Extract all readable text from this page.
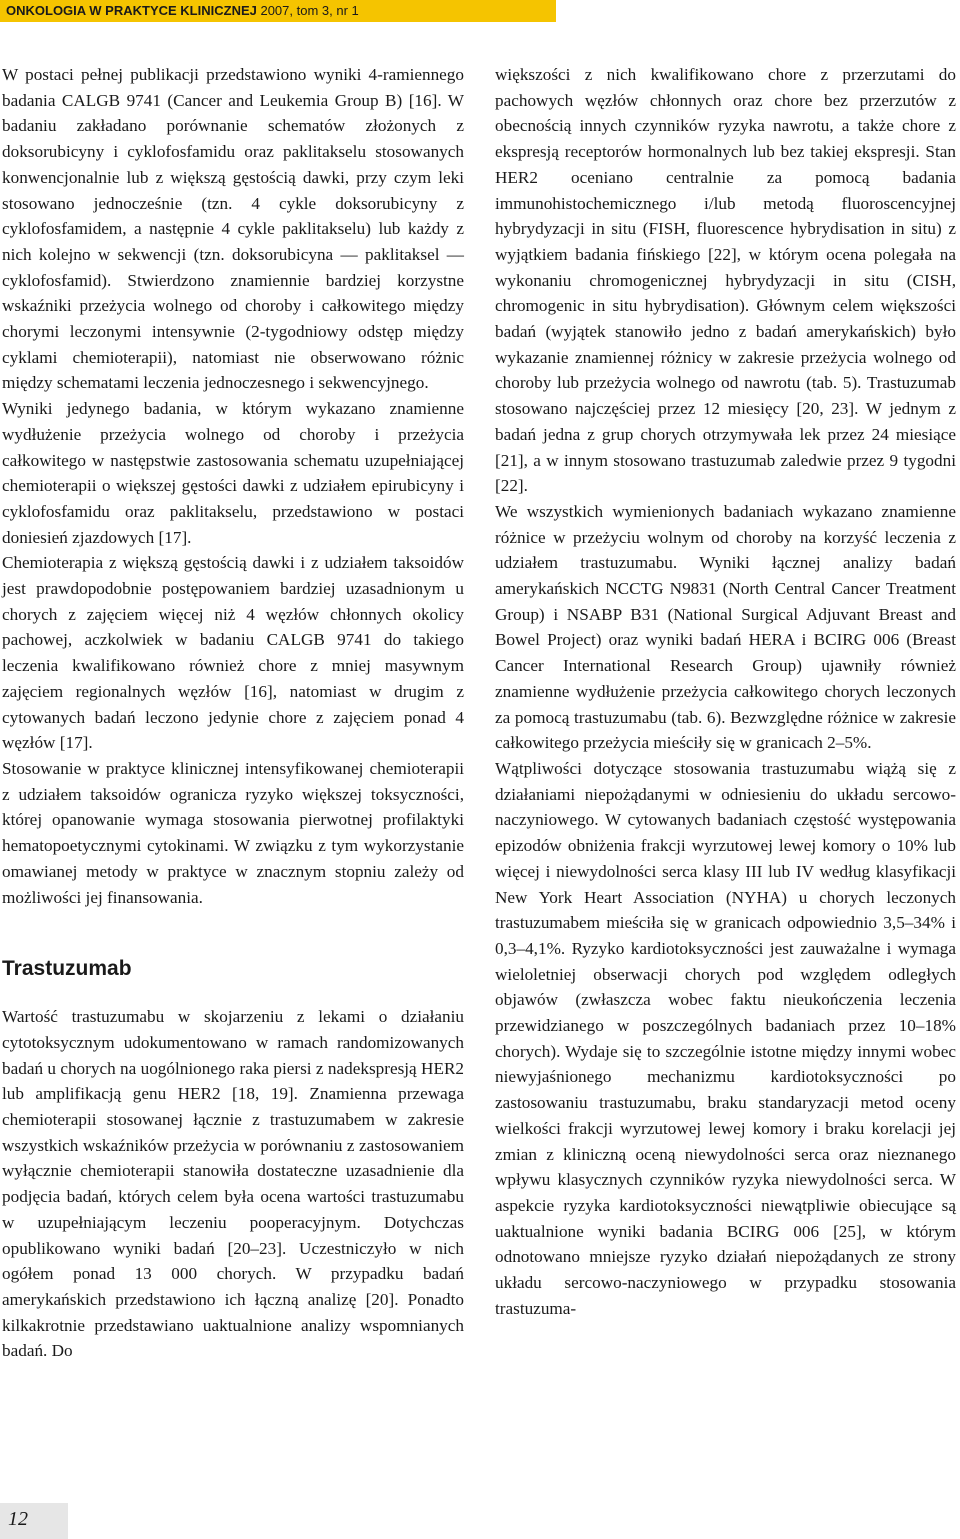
ONKOLOGIA W PRAKTYCE KLINICZNEJ 2007, tom 3, nr 1

W postaci pełnej publikacji przedstawiono wyniki 4-ramiennego badania CALGB 9741 (Cancer and Leukemia Group B) [16]. W badaniu zakładano porównanie schematów złożonych z doksorubicyny i cyklofosfamidu oraz paklitakselu stosowanych konwencjonalnie lub z większą gęstością dawki, przy czym leki stosowano jednocześnie (tzn. 4 cykle doksorubicyny z cyklofosfamidem, a następnie 4 cykle paklitakselu) lub każdy z nich kolejno w sekwencji (tzn. doksorubicyna — paklitaksel — cyklofosfamid). Stwierdzono znamiennie bardziej korzystne wskaźniki przeżycia wolnego od choroby i całkowitego między chorymi leczonymi intensywnie (2-tygodniowy odstęp między cyklami chemioterapii), natomiast nie obserwowano różnic między schematami leczenia jednoczesnego i sekwencyjnego.

Wyniki jedynego badania, w którym wykazano znamienne wydłużenie przeżycia wolnego od choroby i przeżycia całkowitego w następstwie zastosowania schematu uzupełniającej chemioterapii o większej gęstości dawki z udziałem epirubicyny i cyklofosfamidu oraz paklitakselu, przedstawiono w postaci doniesień zjazdowych [17].

Chemioterapia z większą gęstością dawki i z udziałem taksoidów jest prawdopodobnie postępowaniem bardziej uzasadnionym u chorych z zajęciem więcej niż 4 węzłów chłonnych okolicy pachowej, aczkolwiek w badaniu CALGB 9741 do takiego leczenia kwalifikowano również chore z mniej masywnym zajęciem regionalnych węzłów [16], natomiast w drugim z cytowanych badań leczono jedynie chore z zajęciem ponad 4 węzłów [17].

Stosowanie w praktyce klinicznej intensyfikowanej chemioterapii z udziałem taksoidów ogranicza ryzyko większej toksyczności, której opanowanie wymaga stosowania pierwotnej profilaktyki hematopoetycznymi cytokinami. W związku z tym wykorzystanie omawianej metody w praktyce w znacznym stopniu zależy od możliwości jej finansowania.

Trastuzumab

Wartość trastuzumabu w skojarzeniu z lekami o działaniu cytotoksycznym udokumentowano w ramach randomizowanych badań u chorych na uogólnionego raka piersi z nadekspresją HER2 lub amplifikacją genu HER2 [18, 19]. Znamienna przewaga chemioterapii stosowanej łącznie z trastuzumabem w zakresie wszystkich wskaźników przeżycia w porównaniu z zastosowaniem wyłącznie chemioterapii stanowiła dostateczne uzasadnienie dla podjęcia badań, których celem była ocena wartości trastuzumabu w uzupełniającym leczeniu pooperacyjnym. Dotychczas opublikowano wyniki badań [20–23]. Uczestniczyło w nich ogółem ponad 13 000 chorych. W przypadku badań amerykańskich przedstawiono ich łączną analizę [20]. Ponadto kilkakrotnie przedstawiano uaktualnione analizy wspomnianych badań. Do

większości z nich kwalifikowano chore z przerzutami do pachowych węzłów chłonnych oraz chore bez przerzutów z obecnością innych czynników ryzyka nawrotu, a także chore z ekspresją receptorów hormonalnych lub bez takiej ekspresji. Stan HER2 oceniano centralnie za pomocą badania immunohistochemicznego i/lub metodą fluoroscencyjnej hybrydyzacji in situ (FISH, fluorescence hybrydisation in situ) z wyjątkiem badania fińskiego [22], w którym ocena polegała na wykonaniu chromogenicznej hybrydyzacji in situ (CISH, chromogenic in situ hybrydisation). Głównym celem większości badań (wyjątek stanowiło jedno z badań amerykańskich) było wykazanie znamiennej różnicy w zakresie przeżycia wolnego od choroby lub przeżycia wolnego od nawrotu (tab. 5). Trastuzumab stosowano najczęściej przez 12 miesięcy [20, 23]. W jednym z badań jedna z grup chorych otrzymywała lek przez 24 miesiące [21], a w innym stosowano trastuzumab zaledwie przez 9 tygodni [22].

We wszystkich wymienionych badaniach wykazano znamienne różnice w przeżyciu wolnym od choroby na korzyść leczenia z udziałem trastuzumabu. Wyniki łącznej analizy badań amerykańskich NCCTG N9831 (North Central Cancer Treatment Group) i NSABP B31 (National Surgical Adjuvant Breast and Bowel Project) oraz wyniki badań HERA i BCIRG 006 (Breast Cancer International Research Group) ujawniły również znamienne wydłużenie przeżycia całkowitego chorych leczonych za pomocą trastuzumabu (tab. 6). Bezwzględne różnice w zakresie całkowitego przeżycia mieściły się w granicach 2–5%.

Wątpliwości dotyczące stosowania trastuzumabu wiążą się z działaniami niepożądanymi w odniesieniu do układu sercowo-naczyniowego. W cytowanych badaniach częstość występowania epizodów obniżenia frakcji wyrzutowej lewej komory o 10% lub więcej i niewydolności serca klasy III lub IV według klasyfikacji New York Heart Association (NYHA) u chorych leczonych trastuzumabem mieściła się w granicach odpowiednio 3,5–34% i 0,3–4,1%. Ryzyko kardiotoksyczności jest zauważalne i wymaga wieloletniej obserwacji chorych pod względem odległych objawów (zwłaszcza wobec faktu nieukończenia leczenia przewidzianego w poszczególnych badaniach przez 10–18% chorych). Wydaje się to szczególnie istotne między innymi wobec niewyjaśnionego mechanizmu kardiotoksyczności po zastosowaniu trastuzumabu, braku standaryzacji metod oceny wielkości frakcji wyrzutowej lewej komory i braku korelacji jej zmian z kliniczną oceną niewydolności serca oraz nieznanego wpływu klasycznych czynników ryzyka niewydolności serca. W aspekcie ryzyka kardiotoksyczności niewątpliwie obiecujące są uaktualnione wyniki badania BCIRG 006 [25], w którym odnotowano mniejsze ryzyko działań niepożądanych ze strony układu sercowo-naczyniowego w przypadku stosowania trastuzuma-

12
